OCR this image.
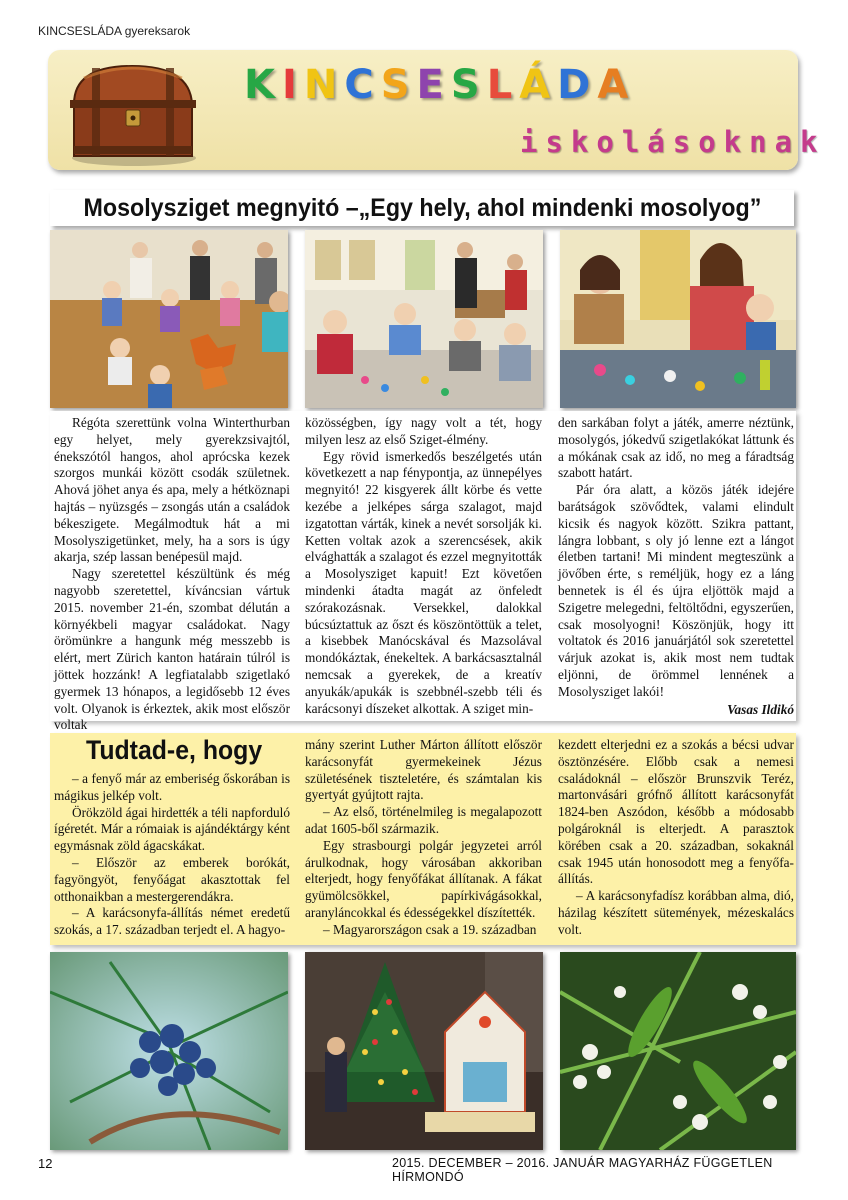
KINCSESLÁDA gyereksarok
KINCSESLÁDA
iskolásoknak
Mosolysziget megnyitó –„Egy hely, ahol mindenki mosolyog”

Régóta szerettünk volna Winterthurban egy helyet, mely gyerekzsivajtól, énekszótól hangos, ahol aprócska kezek szorgos munkái között csodák születnek. Ahová jöhet anya és apa, mely a hétköznapi hajtás – nyüzsgés – zsongás után a családok békeszigete. Megálmodtuk hát a mi Mosolyszigetünket, mely, ha a sors is úgy akarja, szép lassan benépesül majd.

Nagy szeretettel készültünk és még nagyobb szeretettel, kíváncsian vártuk 2015. november 21-én, szombat délután a környékbeli magyar családokat. Nagy örömünkre a hangunk még messzebb is elért, mert Zürich kanton határain túlról is jöttek hozzánk! A legfiatalabb szigetlakó gyermek 13 hónapos, a legidősebb 12 éves volt. Olyanok is érkeztek, akik most először voltak

közösségben, így nagy volt a tét, hogy milyen lesz az első Sziget-élmény.

Egy rövid ismerkedős beszélgetés után következett a nap fénypontja, az ünnepélyes megnyitó! 22 kisgyerek állt körbe és vette kezébe a jelképes sárga szalagot, majd izgatottan várták, kinek a nevét sorsolják ki. Ketten voltak azok a szerencsések, akik elvághatták a szalagot és ezzel megnyitották a Mosolysziget kapuit! Ezt követően mindenki átadta magát az önfeledt szórakozásnak. Versekkel, dalokkal búcsúztattuk az őszt és köszöntöttük a telet, a kisebbek Manócskával és Mazsolával mondókáztak, énekeltek. A barkácsasztalnál nemcsak a gyerekek, de a kreatív anyukák/apukák is szebbnél-szebb téli és karácsonyi díszeket alkottak. A sziget min-

den sarkában folyt a játék, amerre néztünk, mosolygós, jókedvű szigetlakókat láttunk és a mókának csak az idő, no meg a fáradtság szabott határt.

Pár óra alatt, a közös játék idejére barátságok szövődtek, valami elindult kicsik és nagyok között. Szikra pattant, lángra lobbant, s oly jó lenne ezt a lángot életben tartani! Mi mindent megteszünk a jövőben érte, s reméljük, hogy ez a láng bennetek is él és újra eljöttök majd a Szigetre melegedni, feltöltődni, egyszerűen, csak mosolyogni! Köszönjük, hogy itt voltatok és 2016 januárjától sok szeretettel várjuk azokat is, akik most nem tudtak eljönni, de örömmel lennének a Mosolysziget lakói!

Vasas Ildikó
Tudtad-e, hogy

– a fenyő már az emberiség őskorában is mágikus jelkép volt.

Örökzöld ágai hirdették a téli napforduló ígéretét. Már a rómaiak is ajándéktárgy ként egymásnak zöld ágacskákat.

– Először az emberek borókát, fagyöngyöt, fenyőágat akasztottak fel otthonaikban a mestergerendákra.

– A karácsonyfa-állítás német eredetű szokás, a 17. században terjedt el. A hagyo-

mány szerint Luther Márton állított először karácsonyfát gyermekeinek Jézus születésének tiszteletére, és számtalan kis gyertyát gyújtott rajta.

– Az első, történelmileg is megalapozott adat 1605-ből származik.

Egy strasbourgi polgár jegyzetei arról árulkodnak, hogy városában akkoriban elterjedt, hogy fenyőfákat állítanak. A fákat gyümölcsökkel, papírkivágásokkal, aranyláncokkal és édességekkel díszítették.

– Magyarországon csak a 19. században

kezdett elterjedni ez a szokás a bécsi udvar ösztönzésére. Előbb csak a nemesi családoknál – először Brunszvik Teréz, martonvásári grófnő állított karácsonyfát 1824-ben Aszódon, később a módosabb polgároknál is elterjedt. A parasztok körében csak a 20. században, sokaknál csak 1945 után honosodott meg a fenyőfa-állítás.

– A karácsonyfadísz korábban alma, dió, házilag készített sütemények, mézeskalács volt.

12	2015. DECEMBER – 2016. JANUÁR MAGYARHÁZ FÜGGETLEN HÍRMONDÓ
